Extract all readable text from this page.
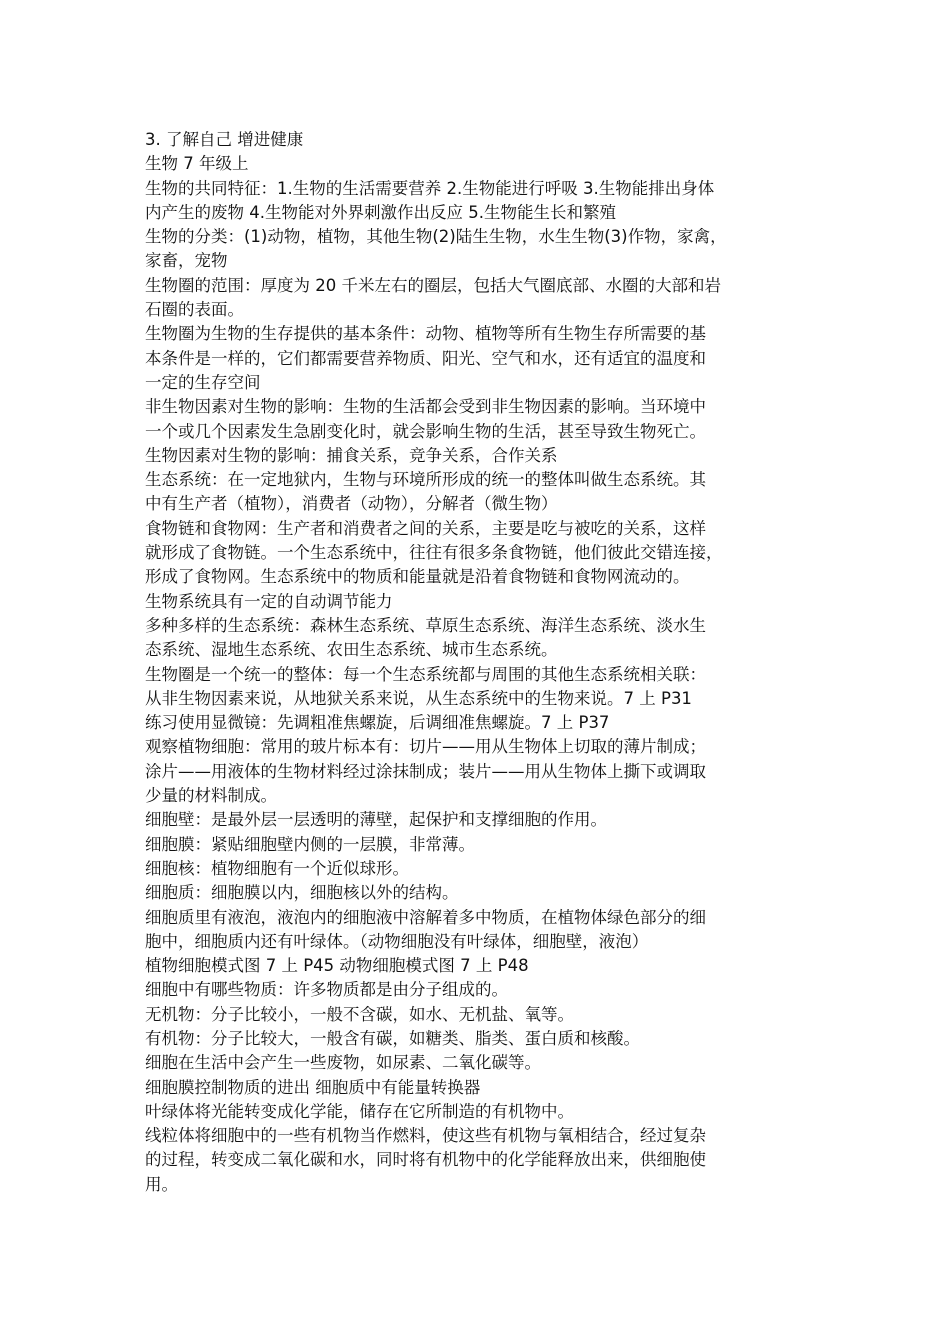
3. 了解自己 增进健康

生物 7 年级上

生物的共同特征：1.生物的生活需要营养 2.生物能进行呼吸 3.生物能排出身体

内产生的废物 4.生物能对外界刺激作出反应 5.生物能生长和繁殖

生物的分类：(1)动物，植物，其他生物(2)陆生生物，水生生物(3)作物，家禽，

家畜，宠物

生物圈的范围：厚度为 20 千米左右的圈层，包括大气圈底部、水圈的大部和岩

石圈的表面。

生物圈为生物的生存提供的基本条件：动物、植物等所有生物生存所需要的基

本条件是一样的，它们都需要营养物质、阳光、空气和水，还有适宜的温度和

一定的生存空间

非生物因素对生物的影响：生物的生活都会受到非生物因素的影响。当环境中

一个或几个因素发生急剧变化时，就会影响生物的生活，甚至导致生物死亡。

生物因素对生物的影响：捕食关系，竞争关系，合作关系

生态系统：在一定地狱内，生物与环境所形成的统一的整体叫做生态系统。其

中有生产者（植物），消费者（动物），分解者（微生物）

食物链和食物网：生产者和消费者之间的关系，主要是吃与被吃的关系，这样

就形成了食物链。一个生态系统中，往往有很多条食物链，他们彼此交错连接，

形成了食物网。生态系统中的物质和能量就是沿着食物链和食物网流动的。

生物系统具有一定的自动调节能力

多种多样的生态系统：森林生态系统、草原生态系统、海洋生态系统、淡水生

态系统、湿地生态系统、农田生态系统、城市生态系统。

生物圈是一个统一的整体：每一个生态系统都与周围的其他生态系统相关联：

从非生物因素来说，从地狱关系来说，从生态系统中的生物来说。7 上 P31

练习使用显微镜：先调粗准焦螺旋，后调细准焦螺旋。7 上 P37

观察植物细胞：常用的玻片标本有：切片——用从生物体上切取的薄片制成；

涂片——用液体的生物材料经过涂抹制成；装片——用从生物体上撕下或调取

少量的材料制成。

细胞壁：是最外层一层透明的薄壁，起保护和支撑细胞的作用。

细胞膜：紧贴细胞壁内侧的一层膜，非常薄。

细胞核：植物细胞有一个近似球形。

细胞质：细胞膜以内，细胞核以外的结构。

细胞质里有液泡，液泡内的细胞液中溶解着多中物质，在植物体绿色部分的细

胞中，细胞质内还有叶绿体。（动物细胞没有叶绿体，细胞壁，液泡）

植物细胞模式图 7 上 P45 动物细胞模式图 7 上 P48

细胞中有哪些物质：许多物质都是由分子组成的。

无机物：分子比较小，一般不含碳，如水、无机盐、氧等。

有机物：分子比较大，一般含有碳，如糖类、脂类、蛋白质和核酸。

细胞在生活中会产生一些废物，如尿素、二氧化碳等。

细胞膜控制物质的进出 细胞质中有能量转换器

叶绿体将光能转变成化学能，储存在它所制造的有机物中。

线粒体将细胞中的一些有机物当作燃料，使这些有机物与氧相结合，经过复杂

的过程，转变成二氧化碳和水，同时将有机物中的化学能释放出来，供细胞使

用。
